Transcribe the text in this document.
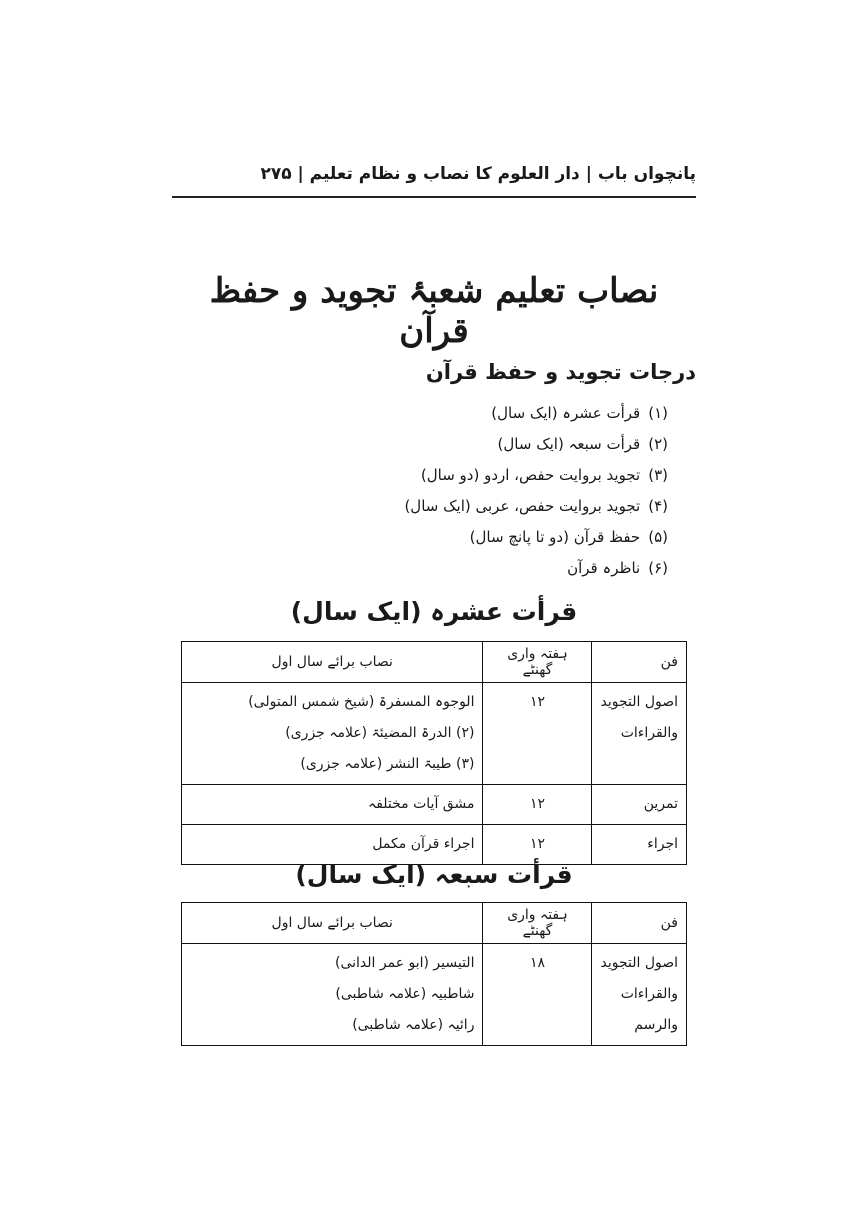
پانچواں باب | دار العلوم کا نصاب و نظام تعلیم | ۲۷۵
نصاب تعلیم شعبۂ تجوید و حفظ قرآن
درجات تجوید و حفظ قرآن
(۱)قرأت عشرہ (ایک سال)
(۲)قرأت سبعہ (ایک سال)
(۳)تجوید بروایت حفص، اردو (دو سال)
(۴)تجوید بروایت حفص، عربی (ایک سال)
(۵)حفظ قرآن (دو تا پانچ سال)
(۶)ناظرہ قرآن
قرأت عشرہ (ایک سال)
فن	ہفتہ واری گھنٹے	نصاب برائے سال اول

اصول التجوید
والقراءات	۱۲	الوجوہ المسفرۃ (شیخ شمس المتولی)
(۲) الدرۃ المضیئۃ (علامہ جزری)
(۳) طیبۃ النشر (علامہ جزری)

تمرین	۱۲	مشق آیات مختلفہ

اجراء	۱۲	اجراء قرآن مکمل
قرأت سبعہ (ایک سال)
فن	ہفتہ واری گھنٹے	نصاب برائے سال اول

اصول التجوید
والقراءات
والرسم	۱۸	التیسیر (ابو عمر الدانی)
شاطبیہ (علامہ شاطبی)
رائیہ (علامہ شاطبی)
